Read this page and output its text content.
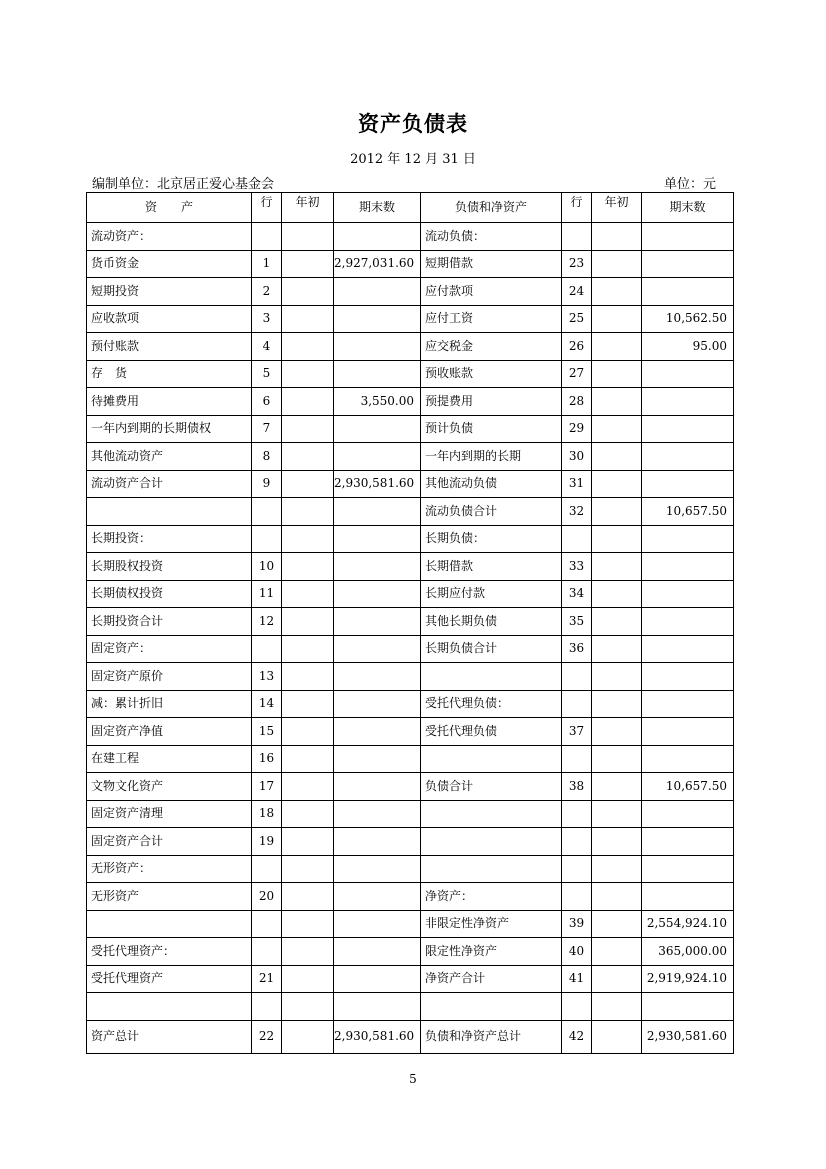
资产负债表
2012 年 12 月 31 日
编制单位：北京居正爱心基金会	单位：元
资　　产	行	年初	期末数	负债和净资产	行	年初	期末数
流动资产：				流动负债：			
货币资金	1		2,927,031.60	短期借款	23		
短期投资	2			应付款项	24		
应收款项	3			应付工资	25		10,562.50
预付账款	4			应交税金	26		95.00
存　货	5			预收账款	27		
待摊费用	6		3,550.00	预提费用	28		
一年内到期的长期债权	7			预计负债	29		
其他流动资产	8			一年内到期的长期	30		
流动资产合计	9		2,930,581.60	其他流动负债	31		
				流动负债合计	32		10,657.50
长期投资：				长期负债：			
长期股权投资	10			长期借款	33		
长期债权投资	11			长期应付款	34		
长期投资合计	12			其他长期负债	35		
固定资产：				长期负债合计	36		
固定资产原价	13						
减：累计折旧	14			受托代理负债：			
固定资产净值	15			受托代理负债	37		
在建工程	16						
文物文化资产	17			负债合计	38		10,657.50
固定资产清理	18						
固定资产合计	19						
无形资产：							
无形资产	20			净资产：			
				非限定性净资产	39		2,554,924.10
受托代理资产：				限定性净资产	40		365,000.00
受托代理资产	21			净资产合计	41		2,919,924.10

资产总计	22		2,930,581.60	负债和净资产总计	42		2,930,581.60
5
